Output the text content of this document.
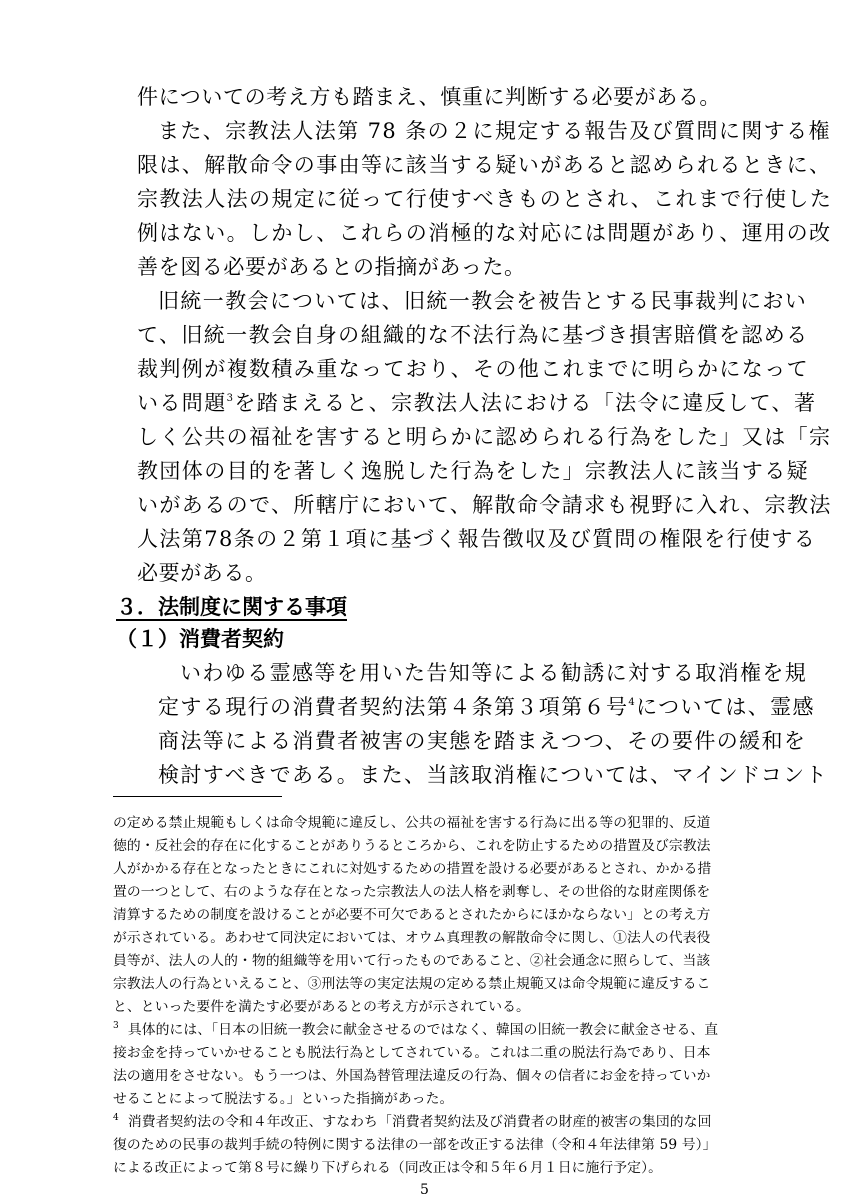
件についての考え方も踏まえ、慎重に判断する必要がある。
また、宗教法人法第 78 条の２に規定する報告及び質問に関する権
限は、解散命令の事由等に該当する疑いがあると認められるときに、
宗教法人法の規定に従って行使すべきものとされ、これまで行使した
例はない。しかし、これらの消極的な対応には問題があり、運用の改
善を図る必要があるとの指摘があった。
旧統一教会については、旧統一教会を被告とする民事裁判におい
て、旧統一教会自身の組織的な不法行為に基づき損害賠償を認める
裁判例が複数積み重なっており、その他これまでに明らかになって
いる問題$^3$を踏まえると、宗教法人法における「法令に違反して、著
しく公共の福祉を害すると明らかに認められる行為をした」又は「宗
教団体の目的を著しく逸脱した行為をした」宗教法人に該当する疑
いがあるので、所轄庁において、解散命令請求も視野に入れ、宗教法
人法第78条の２第１項に基づく報告徴収及び質問の権限を行使する
必要がある。
３．法制度に関する事項
（１）消費者契約
いわゆる霊感等を用いた告知等による勧誘に対する取消権を規
定する現行の消費者契約法第４条第３項第６号$^4$については、霊感
商法等による消費者被害の実態を踏まえつつ、その要件の緩和を
検討すべきである。また、当該取消権については、マインドコント
の定める禁止規範もしくは命令規範に違反し、公共の福祉を害する行為に出る等の犯罪的、反道
徳的・反社会的存在に化することがありうるところから、これを防止するための措置及び宗教法
人がかかる存在となったときにこれに対処するための措置を設ける必要があるとされ、かかる措
置の一つとして、右のような存在となった宗教法人の法人格を剥奪し、その世俗的な財産関係を
清算するための制度を設けることが必要不可欠であるとされたからにほかならない」との考え方
が示されている。あわせて同決定においては、オウム真理教の解散命令に関し、①法人の代表役
員等が、法人の人的・物的組織等を用いて行ったものであること、②社会通念に照らして、当該
宗教法人の行為といえること、③刑法等の実定法規の定める禁止規範又は命令規範に違反するこ
と、といった要件を満たす必要があるとの考え方が示されている。
$^3$ 具体的には、「日本の旧統一教会に献金させるのではなく、韓国の旧統一教会に献金させる、直
接お金を持っていかせることも脱法行為としてされている。これは二重の脱法行為であり、日本
法の適用をさせない。もう一つは、外国為替管理法違反の行為、個々の信者にお金を持っていか
せることによって脱法する。」といった指摘があった。
$^4$ 消費者契約法の令和４年改正、すなわち「消費者契約法及び消費者の財産的被害の集団的な回
復のための民事の裁判手続の特例に関する法律の一部を改正する法律（令和４年法律第 59 号）」
による改正によって第８号に繰り下げられる（同改正は令和５年６月１日に施行予定）。
5
